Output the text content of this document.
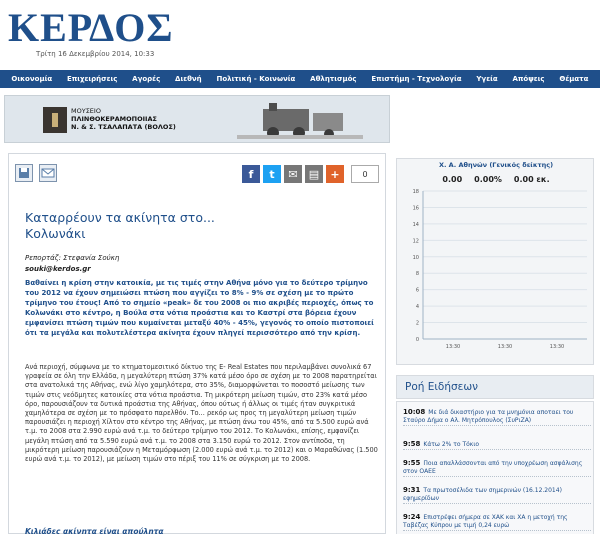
ΚΕΡΔΟΣ
Τρίτη 16 Δεκεμβρίου 2014, 10:33
Οικονομία Επιχειρήσεις Αγορές Διεθνή Πολιτική - Κοινωνία Αθλητισμός Επιστήμη - Τεχνολογία Υγεία Απόψεις Θέματα
ΜΟΥΣΕΙΟ
ΠΛΙΝΘΟΚΕΡΑΜΟΠΟΙΙΑΣ
Ν. & Σ. ΤΣΑΛΑΠΑΤΑ (ΒΟΛΟΣ)
f	t	✉	▤	+	0
Καταρρέουν τα ακίνητα στο...
Κολωνάκι
Ρεπορτάζ: Στεφανία Σούκη
souki@kerdos.gr
Βαθαίνει η κρίση στην κατοικία, με τις τιμές στην Αθήνα μόνο για το δεύτερο τρίμηνο του 2012 να έχουν σημειώσει πτώση που αγγίζει το 8% - 9% σε σχέση με το πρώτο τρίμηνο του έτους! Από το σημείο «peak» δε του 2008 οι πιο ακριβές περιοχές, όπως το Κολωνάκι στο κέντρο, η Βούλα στα νότια προάστια και το Καστρί στα βόρεια έχουν εμφανίσει πτώση τιμών που κυμαίνεται μεταξύ 40% - 45%, γεγονός το οποίο πιστοποιεί ότι τα μεγάλα και πολυτελέστερα ακίνητα έχουν πληγεί περισσότερο από την κρίση.
Ανά περιοχή, σύμφωνα με το κτηματομεσιτικό δίκτυο της E- Real Estates που περιλαμβάνει συνολικά 67 γραφεία σε όλη την Ελλάδα, η μεγαλύτερη πτώση 37% κατά μέσο όρο σε σχέση με το 2008 παρατηρείται στα ανατολικά της Αθήνας, ενώ λίγο χαμηλότερα, στο 35%, διαμορφώνεται το ποσοστό μείωσης των τιμών στις νεόδμητες κατοικίες στα νότια προάστια. Τη μικρότερη μείωση τιμών, στο 23% κατά μέσο όρο, παρουσιάζουν τα δυτικά προάστια της Αθήνας, όπου ούτως ή άλλως οι τιμές ήταν συγκριτικά χαμηλότερα σε σχέση με το πρόσφατο παρελθόν. Το... ρεκόρ ως προς τη μεγαλύτερη μείωση τιμών παρουσιάζει η περιοχή Χίλτον στο κέντρο της Αθήνας, με πτώση άνω του 45%, από τα 5.500 ευρώ ανά τ.μ. το 2008 στα 2.990 ευρώ ανά τ.μ. το δεύτερο τρίμηνο του 2012. Το Κολωνάκι, επίσης, εμφανίζει μεγάλη πτώση από τα 5.590 ευρώ ανά τ.μ. το 2008 στα 3.150 ευρώ το 2012. Στον αντίποδα, τη μικρότερη μείωση παρουσιάζουν η Μεταμόρφωση (2.000 ευρώ ανά τ.μ. το 2012) και ο Μαραθώνας (1.500 ευρώ ανά τ.μ. το 2012), με μείωση τιμών στο πέριξ του 11% σε σύγκριση με το 2008.
Κιλιάδες ακίνητα είναι απούλητα
Χ. Α. Αθηνών (Γενικός δείκτης)
0.00 0.00% 0.00 εκ.
18
16
14
12
10
8
6
4
2
0
13:30	13:30	13:30
Ροή Ειδήσεων
10:08 Με διά δικαστήριο για τα μνημόνια αποταει του Σταύρο Δήμα ο Αλ. Μητρόπουλος (ΣυΡιΖΑ)
9:58 Κάτω 2% το Τόκιο
9:55 Ποια απαλλάσσονται από την υποχρέωση ασφάλισης στον ΟΑΕΕ
9:31 Τα πρωτοσέλιδα των σημερινών (16.12.2014) εφημερίδων
9:24 Επιστρέφει σήμερα σε ΧΑΚ και ΧΑ η μετοχή της Ταβέζας Κύπρου με τιμή 0,24 ευρώ
